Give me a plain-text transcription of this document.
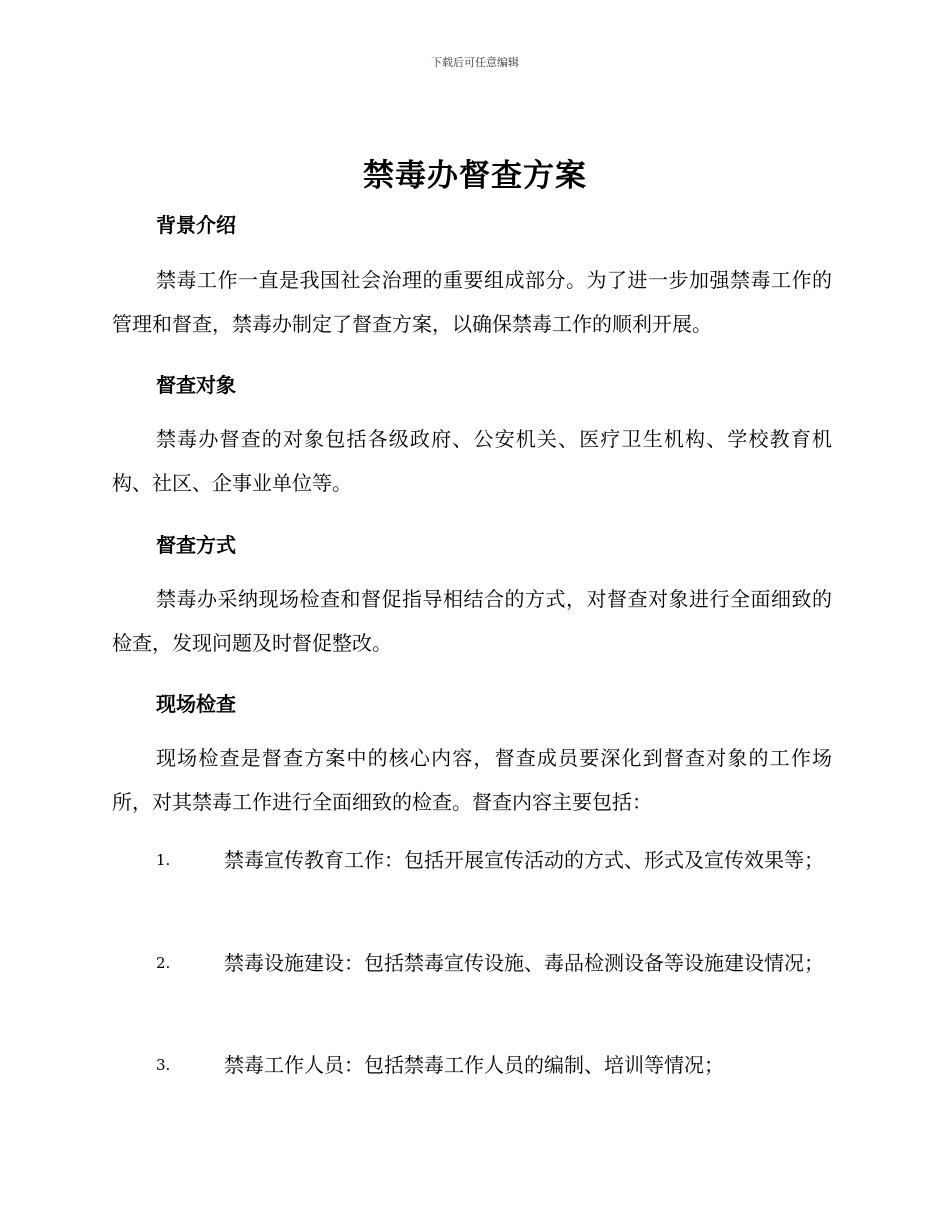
下载后可任意编辑
禁毒办督查方案
背景介绍
禁毒工作一直是我国社会治理的重要组成部分。为了进一步加强禁毒工作的管理和督查，禁毒办制定了督查方案，以确保禁毒工作的顺利开展。
督查对象
禁毒办督查的对象包括各级政府、公安机关、医疗卫生机构、学校教育机构、社区、企事业单位等。
督查方式
禁毒办采纳现场检查和督促指导相结合的方式，对督查对象进行全面细致的检查，发现问题及时督促整改。
现场检查
现场检查是督查方案中的核心内容，督查成员要深化到督查对象的工作场所，对其禁毒工作进行全面细致的检查。督查内容主要包括：
1.	禁毒宣传教育工作：包括开展宣传活动的方式、形式及宣传效果等；
2.	禁毒设施建设：包括禁毒宣传设施、毒品检测设备等设施建设情况；
3.	禁毒工作人员：包括禁毒工作人员的编制、培训等情况；
